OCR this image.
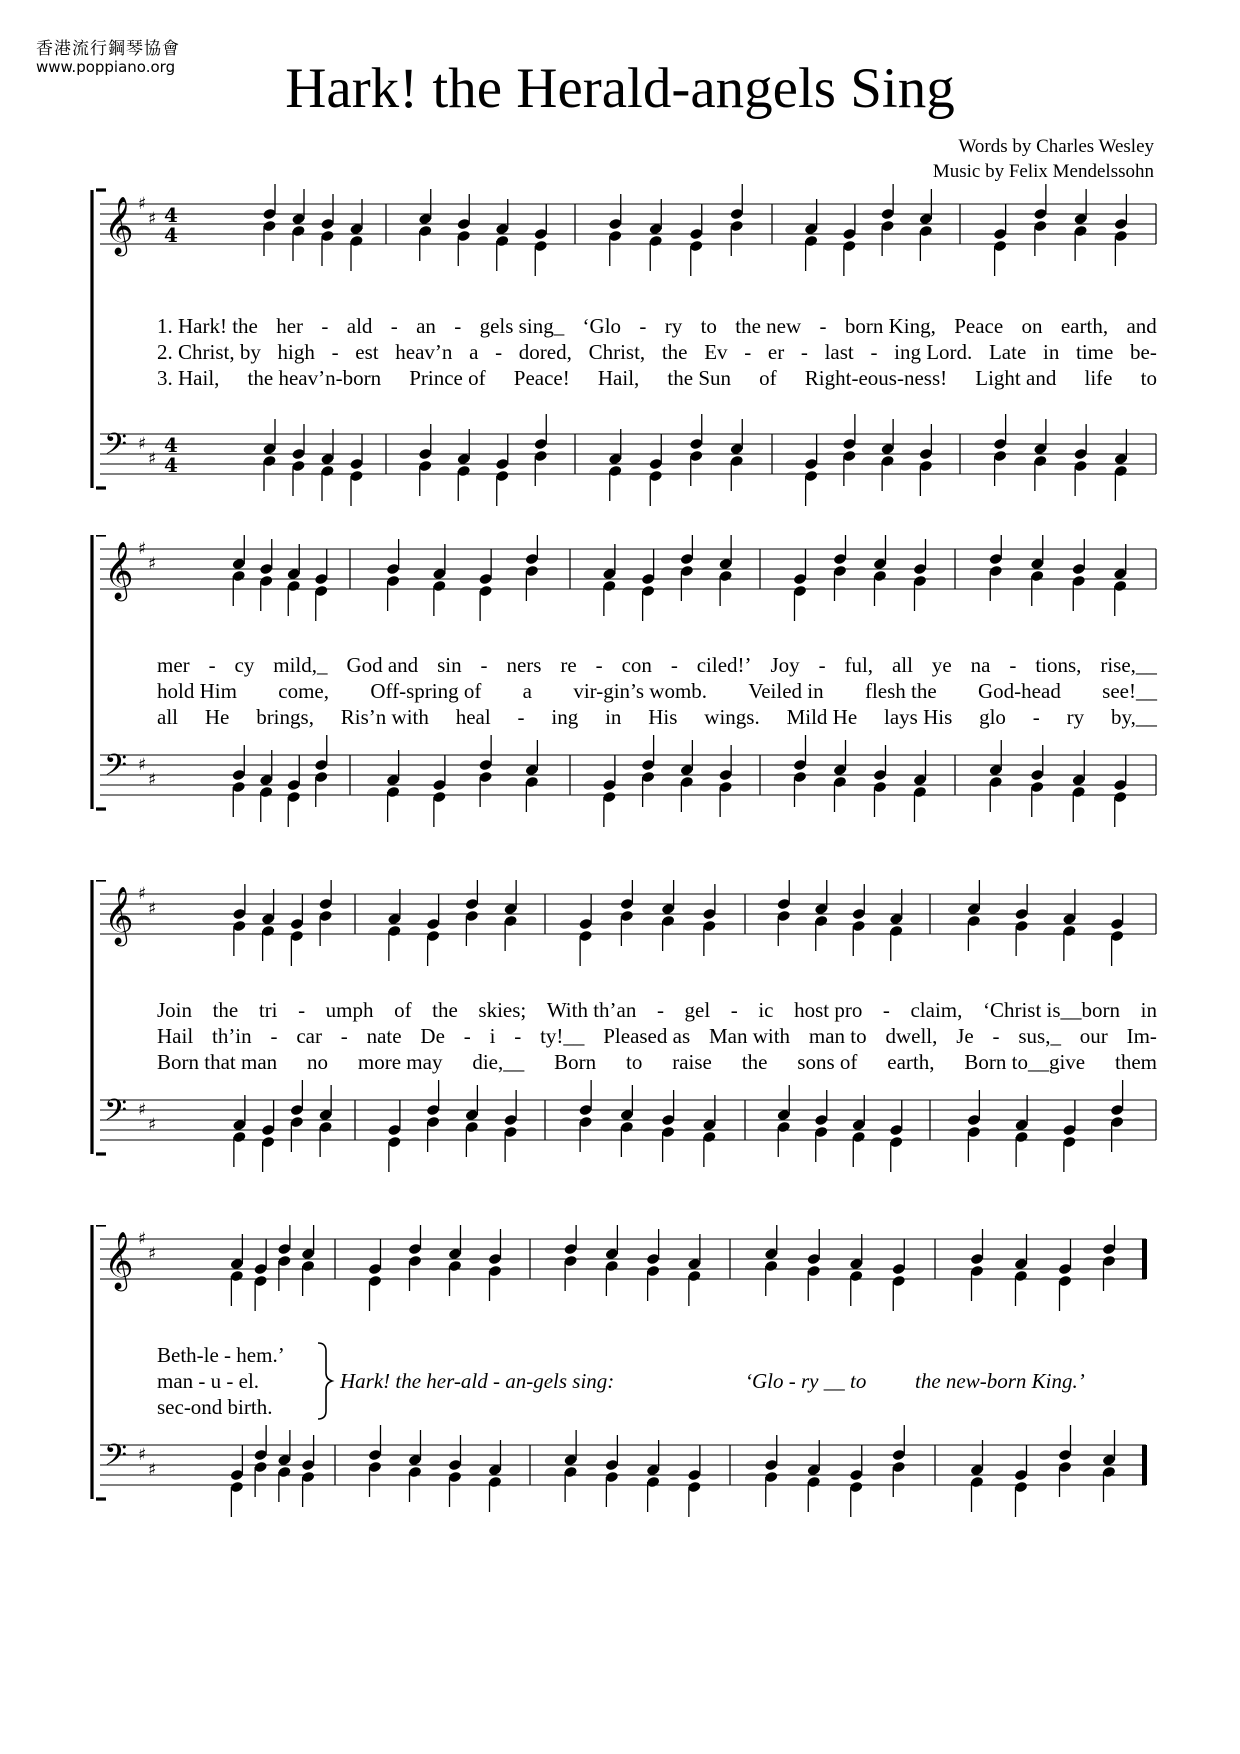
香港流行鋼琴協會
www.poppiano.org	Hark! the Herald-angels Sing
Words by Charles Wesley
Music by Felix Mendelssohn
𝄞 ♯
♯ 4
4
𝄢 ♯
♯
4
4
1. Hark! the her - ald - an - gels sing_ ‘Glo - ry to the new - born King, Peace on earth, and
2. Christ, by high - est heav’n a - dored, Christ, the Ev - er - last - ing Lord. Late in time be-
3. Hail, the heav’n-born Prince of Peace! Hail, the Sun of Right-eous-ness! Light and life to
𝄞 ♯
♯
𝄢 ♯
♯
mer - cy mild,_ God and sin - ners re - con - ciled!’ Joy - ful, all ye na - tions, rise,__
hold Him come, Off-spring of a vir-gin’s womb. Veiled in flesh the God-head see!__
all He brings, Ris’n with heal - ing in His wings. Mild He lays His glo - ry by,__
𝄞 ♯
♯
𝄢 ♯
♯
Join the tri - umph of the skies; With th’an - gel - ic host pro - claim, ‘Christ is__born in
Hail th’in - car - nate De - i - ty!__ Pleased as Man with man to dwell, Je - sus,_ our Im-
Born that man no more may die,__ Born to raise the sons of earth, Born to__give them
𝄞 ♯
♯
𝄢 ♯
♯
Beth-le - hem.’
man - u - el.
sec-ond birth.
Hark! the her-ald - an-gels sing:	‘Glo - ry __ to the new-born King.’
